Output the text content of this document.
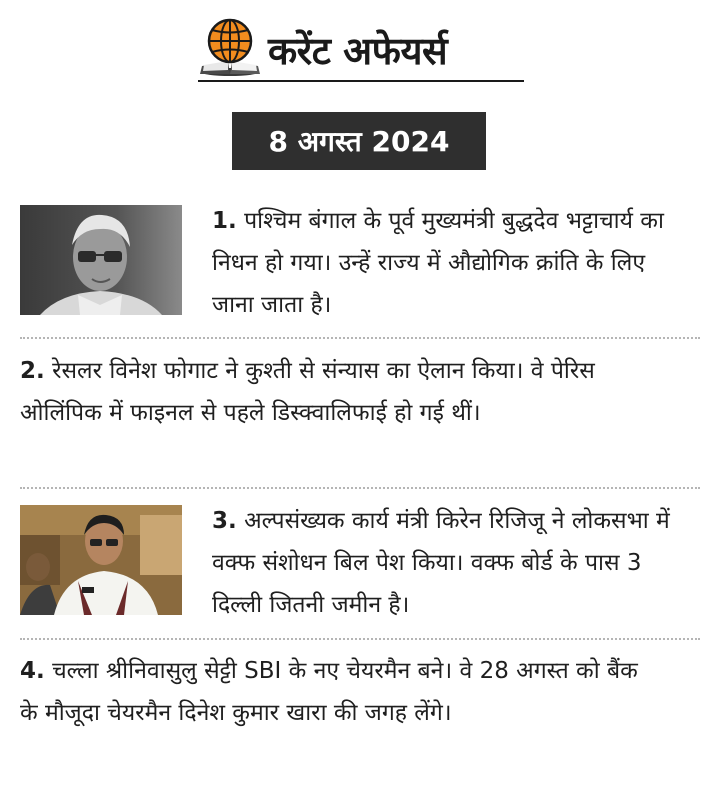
करेंट अफेयर्स
8 अगस्त 2024
1. पश्चिम बंगाल के पूर्व मुख्यमंत्री बुद्धदेव भट्टाचार्य का निधन हो गया। उन्हें राज्य में औद्योगिक क्रांति के लिए जाना जाता है।
2. रेसलर विनेश फोगाट ने कुश्ती से संन्यास का ऐलान किया। वे पेरिस ओलिंपिक में फाइनल से पहले डिस्क्वालिफाई हो गई थीं।
3. अल्पसंख्यक कार्य मंत्री किरेन रिजिजू ने लोकसभा में वक्फ संशोधन बिल पेश किया। वक्फ बोर्ड के पास 3 दिल्ली जितनी जमीन है।
4. चल्ला श्रीनिवासुलु सेट्टी SBI के नए चेयरमैन बने। वे 28 अगस्त को बैंक के मौजूदा चेयरमैन दिनेश कुमार खारा की जगह लेंगे।
